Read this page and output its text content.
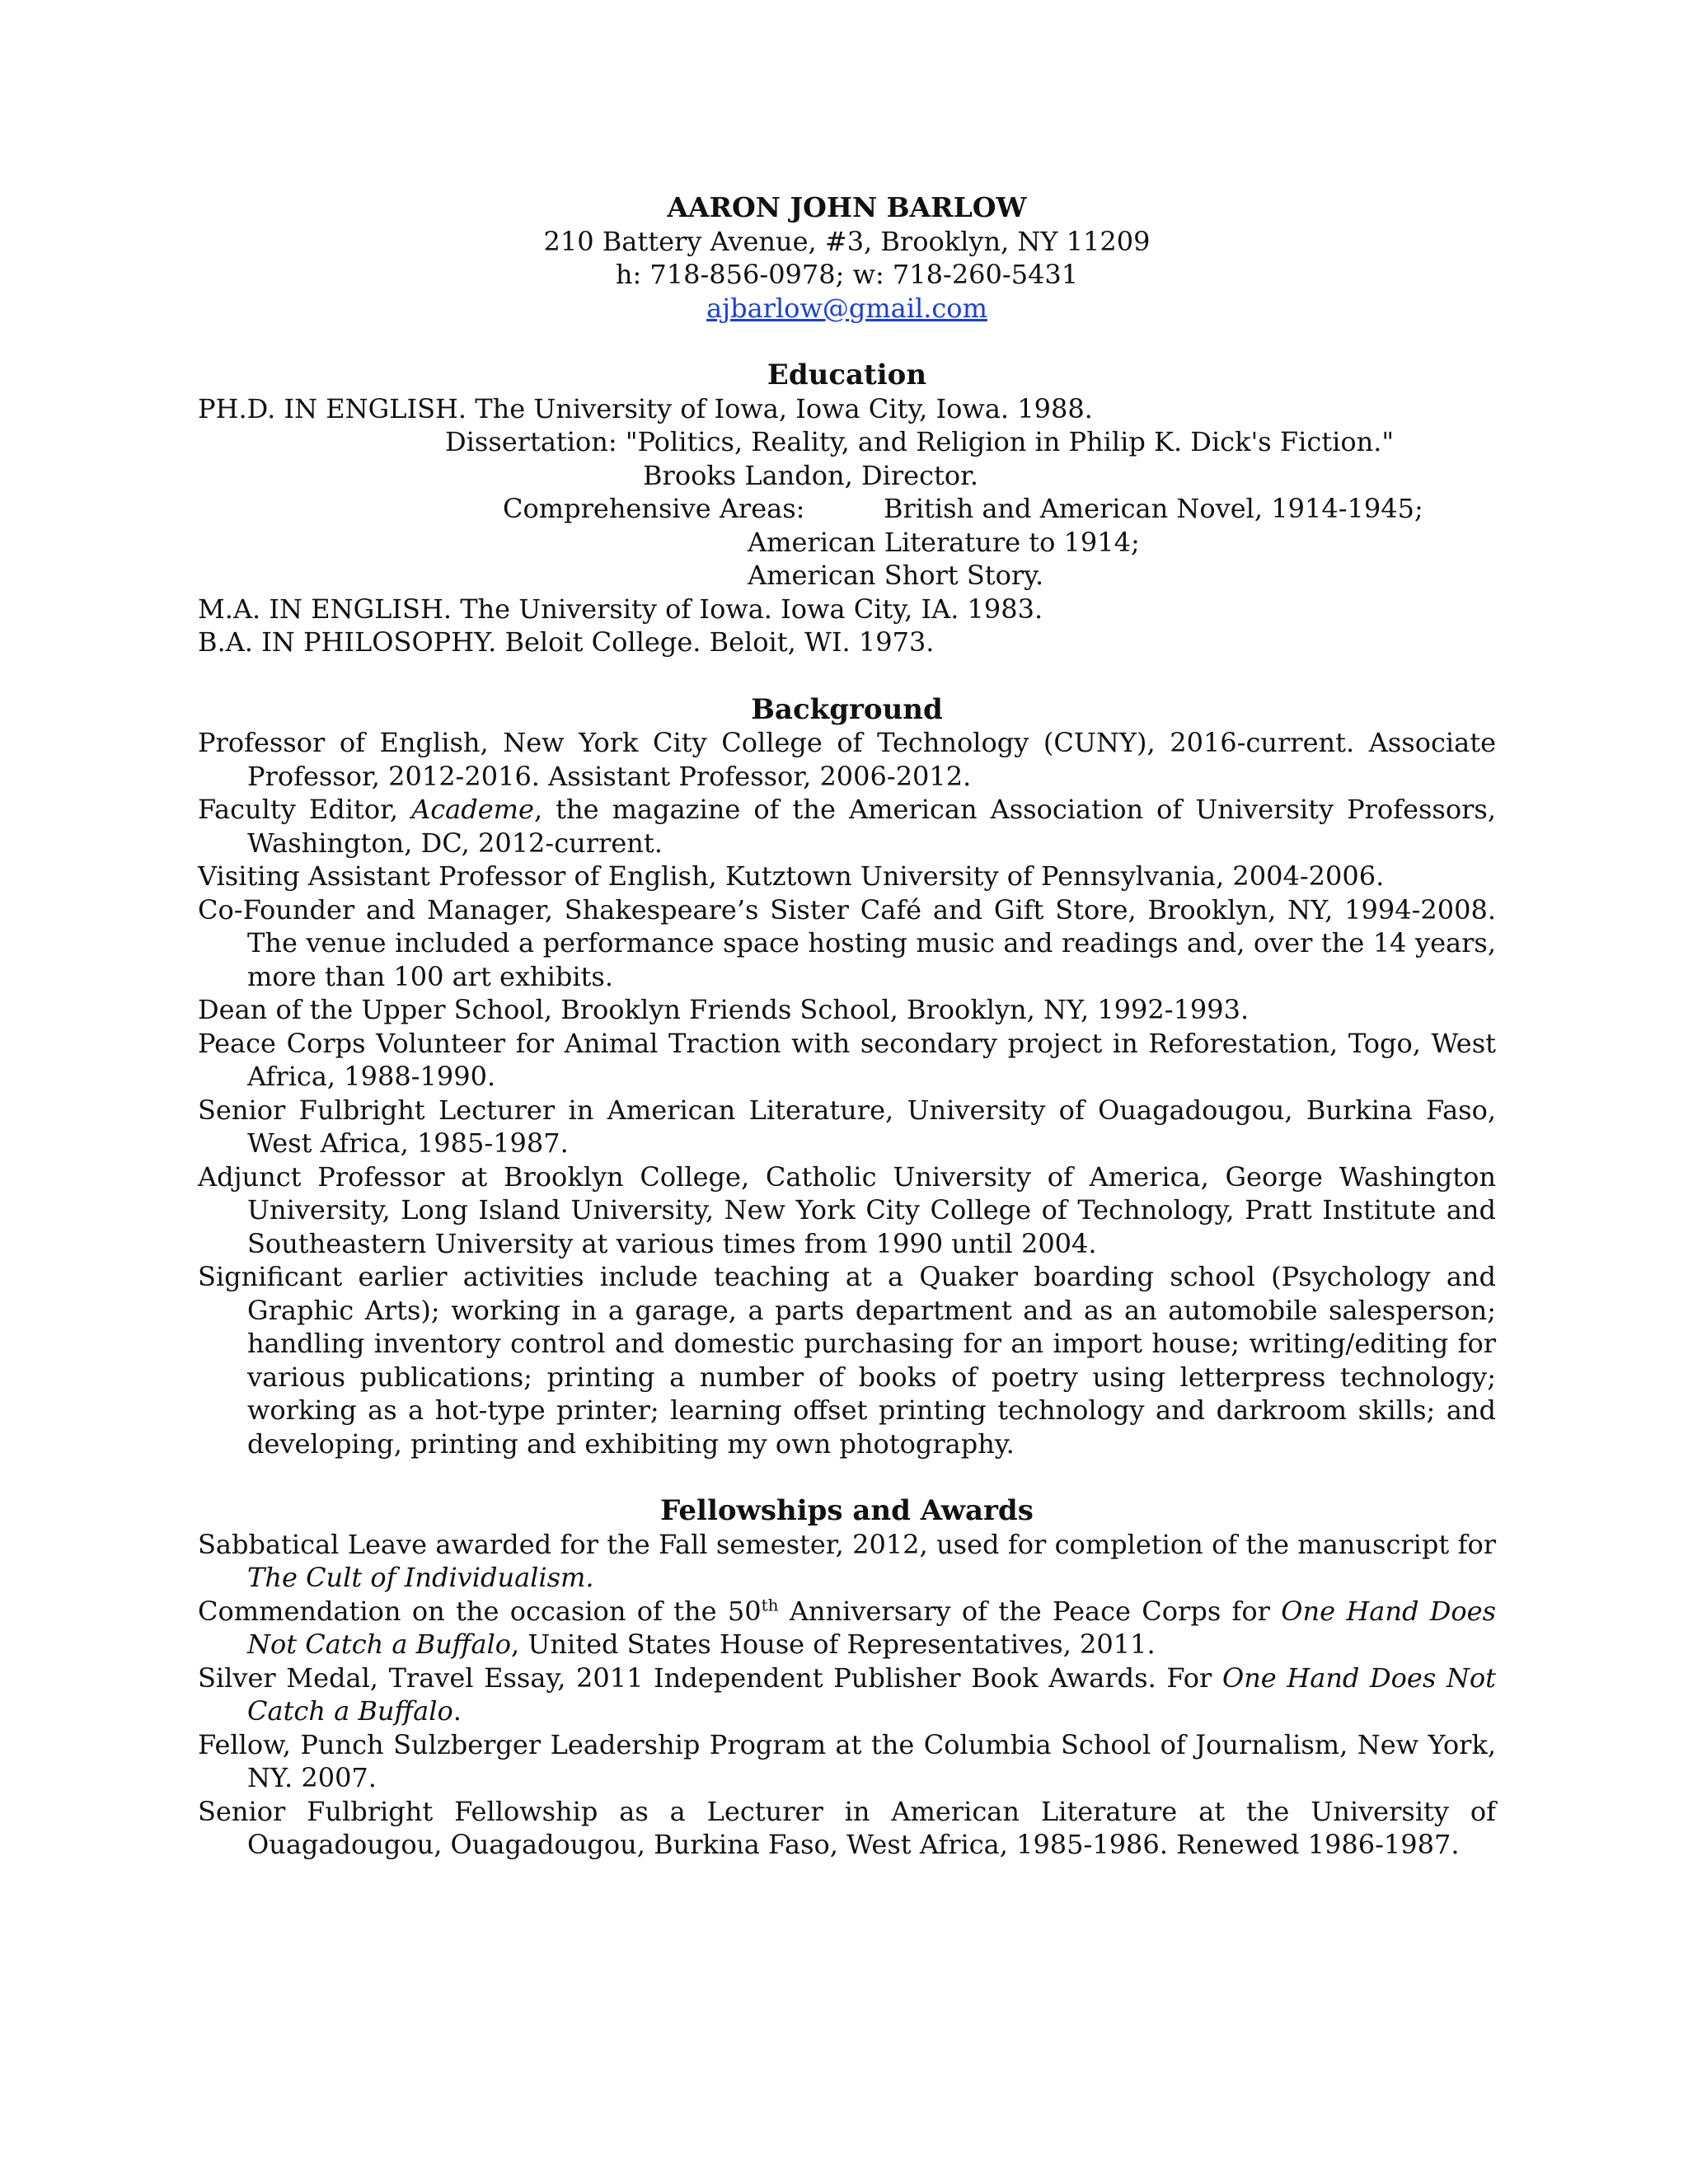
AARON JOHN BARLOW
210 Battery Avenue, #3, Brooklyn, NY 11209
h: 718-856-0978; w: 718-260-5431
ajbarlow@gmail.com
Education
PH.D. IN ENGLISH. The University of Iowa, Iowa City, Iowa. 1988.
Dissertation: "Politics, Reality, and Religion in Philip K. Dick's Fiction."
Brooks Landon, Director.
Comprehensive Areas:	British and American Novel, 1914-1945;
American Literature to 1914;
American Short Story.
M.A. IN ENGLISH. The University of Iowa. Iowa City, IA. 1983.
B.A. IN PHILOSOPHY. Beloit College. Beloit, WI. 1973.
Background
Professor of English, New York City College of Technology (CUNY), 2016-current. Associate Professor, 2012-2016. Assistant Professor, 2006-2012.
Faculty Editor, Academe, the magazine of the American Association of University Professors, Washington, DC, 2012-current.
Visiting Assistant Professor of English, Kutztown University of Pennsylvania, 2004-2006.
Co-Founder and Manager, Shakespeare’s Sister Café and Gift Store, Brooklyn, NY, 1994-2008. The venue included a performance space hosting music and readings and, over the 14 years, more than 100 art exhibits.
Dean of the Upper School, Brooklyn Friends School, Brooklyn, NY, 1992-1993.
Peace Corps Volunteer for Animal Traction with secondary project in Reforestation, Togo, West Africa, 1988-1990.
Senior Fulbright Lecturer in American Literature, University of Ouagadougou, Burkina Faso, West Africa, 1985-1987.
Adjunct Professor at Brooklyn College, Catholic University of America, George Washington University, Long Island University, New York City College of Technology, Pratt Institute and Southeastern University at various times from 1990 until 2004.
Significant earlier activities include teaching at a Quaker boarding school (Psychology and Graphic Arts); working in a garage, a parts department and as an automobile salesperson; handling inventory control and domestic purchasing for an import house; writing/editing for various publications; printing a number of books of poetry using letterpress technology; working as a hot-type printer; learning offset printing technology and darkroom skills; and developing, printing and exhibiting my own photography.
Fellowships and Awards
Sabbatical Leave awarded for the Fall semester, 2012, used for completion of the manuscript for The Cult of Individualism.
Commendation on the occasion of the 50th Anniversary of the Peace Corps for One Hand Does Not Catch a Buffalo, United States House of Representatives, 2011.
Silver Medal, Travel Essay, 2011 Independent Publisher Book Awards. For One Hand Does Not Catch a Buffalo.
Fellow, Punch Sulzberger Leadership Program at the Columbia School of Journalism, New York, NY. 2007.
Senior Fulbright Fellowship as a Lecturer in American Literature at the University of Ouagadougou, Ouagadougou, Burkina Faso, West Africa, 1985-1986. Renewed 1986-1987.
